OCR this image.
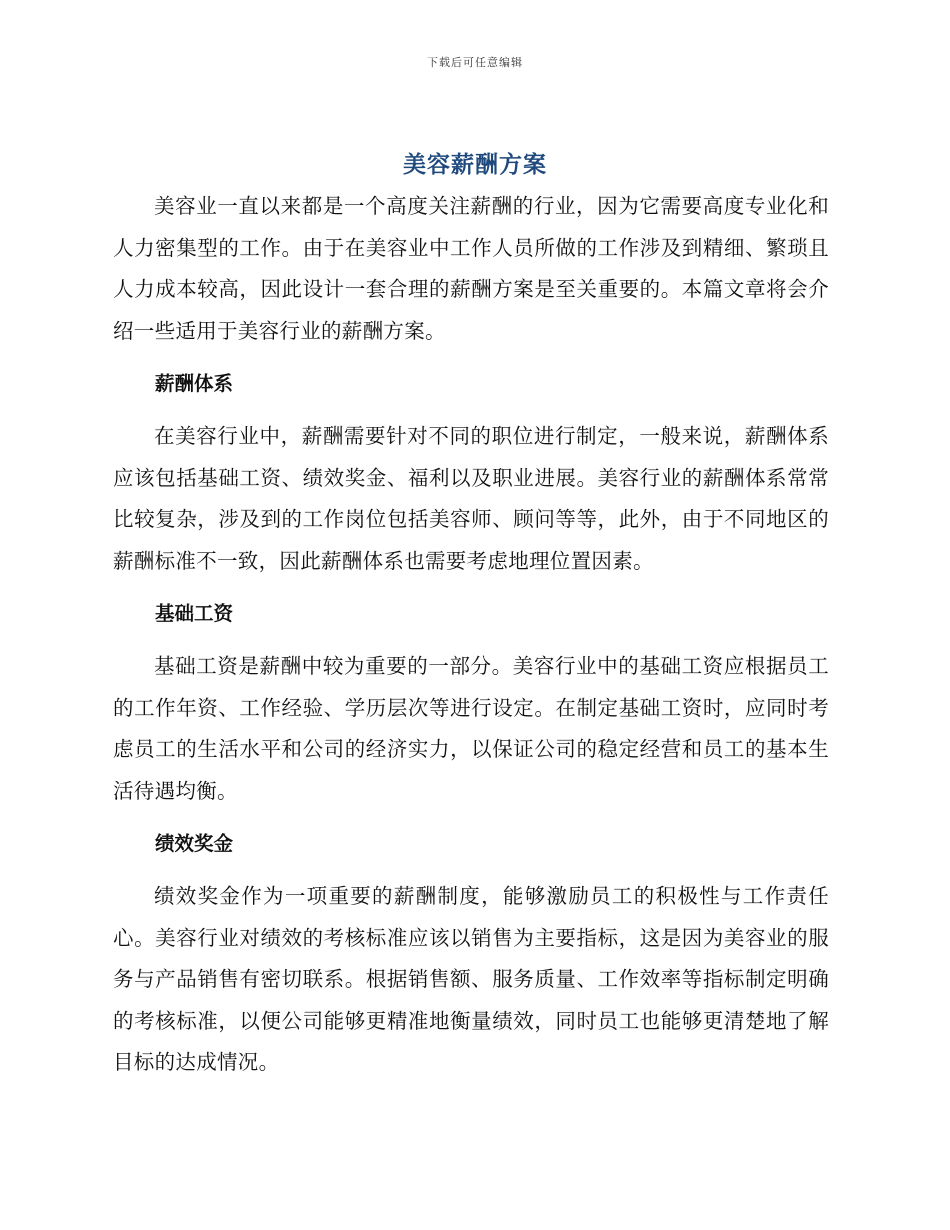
下载后可任意编辑
美容薪酬方案

美容业一直以来都是一个高度关注薪酬的行业，因为它需要高度专业化和人力密集型的工作。由于在美容业中工作人员所做的工作涉及到精细、繁琐且人力成本较高，因此设计一套合理的薪酬方案是至关重要的。本篇文章将会介绍一些适用于美容行业的薪酬方案。

薪酬体系

在美容行业中，薪酬需要针对不同的职位进行制定，一般来说，薪酬体系应该包括基础工资、绩效奖金、福利以及职业进展。美容行业的薪酬体系常常比较复杂，涉及到的工作岗位包括美容师、顾问等等，此外，由于不同地区的薪酬标准不一致，因此薪酬体系也需要考虑地理位置因素。

基础工资

基础工资是薪酬中较为重要的一部分。美容行业中的基础工资应根据员工的工作年资、工作经验、学历层次等进行设定。在制定基础工资时，应同时考虑员工的生活水平和公司的经济实力，以保证公司的稳定经营和员工的基本生活待遇均衡。

绩效奖金

绩效奖金作为一项重要的薪酬制度，能够激励员工的积极性与工作责任心。美容行业对绩效的考核标准应该以销售为主要指标，这是因为美容业的服务与产品销售有密切联系。根据销售额、服务质量、工作效率等指标制定明确的考核标准，以便公司能够更精准地衡量绩效，同时员工也能够更清楚地了解目标的达成情况。
